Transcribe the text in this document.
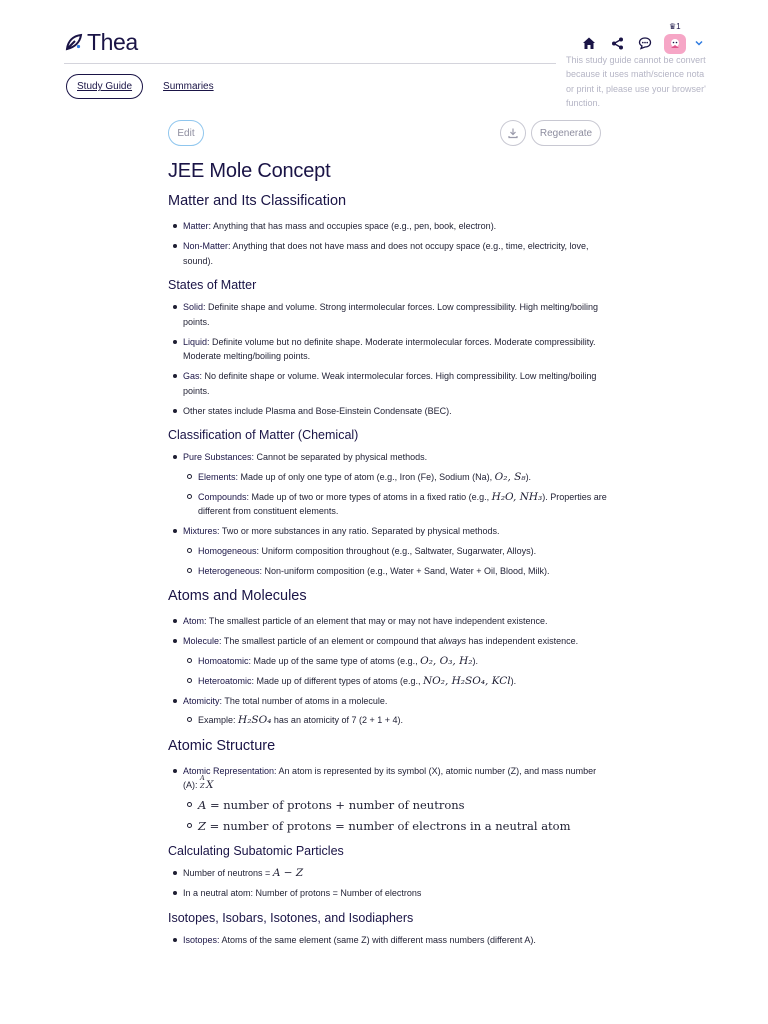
Thea
♛1
This study guide cannot be convert
because it uses math/science nota
or print it, please use your browser'
function.
Study Guide	Summaries
Edit	Regenerate
JEE Mole Concept
Matter and Its Classification
Matter: Anything that has mass and occupies space (e.g., pen, book, electron).
Non-Matter: Anything that does not have mass and does not occupy space (e.g., time, electricity, love, sound).
States of Matter
Solid: Definite shape and volume. Strong intermolecular forces. Low compressibility. High melting/boiling points.
Liquid: Definite volume but no definite shape. Moderate intermolecular forces. Moderate compressibility. Moderate melting/boiling points.
Gas: No definite shape or volume. Weak intermolecular forces. High compressibility. Low melting/boiling points.
Other states include Plasma and Bose-Einstein Condensate (BEC).
Classification of Matter (Chemical)
Pure Substances: Cannot be separated by physical methods.
Elements: Made up of only one type of atom (e.g., Iron (Fe), Sodium (Na), O₂, S₈).
Compounds: Made up of two or more types of atoms in a fixed ratio (e.g., H₂O, NH₃). Properties are different from constituent elements.
Mixtures: Two or more substances in any ratio. Separated by physical methods.
Homogeneous: Uniform composition throughout (e.g., Saltwater, Sugarwater, Alloys).
Heterogeneous: Non-uniform composition (e.g., Water + Sand, Water + Oil, Blood, Milk).
Atoms and Molecules
Atom: The smallest particle of an element that may or may not have independent existence.
Molecule: The smallest particle of an element or compound that always has independent existence.
Homoatomic: Made up of the same type of atoms (e.g., O₂, O₃, H₂).
Heteroatomic: Made up of different types of atoms (e.g., NO₂, H₂SO₄, KCl).
Atomicity: The total number of atoms in a molecule.
Example: H₂SO₄ has an atomicity of 7 (2 + 1 + 4).
Atomic Structure
Atomic Representation: An atom is represented by its symbol (X), atomic number (Z), and mass number (A):
A
Z X
A = number of protons + number of neutrons
Z = number of protons = number of electrons in a neutral atom
Calculating Subatomic Particles
Number of neutrons = A − Z
In a neutral atom: Number of protons = Number of electrons
Isotopes, Isobars, Isotones, and Isodiaphers
Isotopes: Atoms of the same element (same Z) with different mass numbers (different A).
